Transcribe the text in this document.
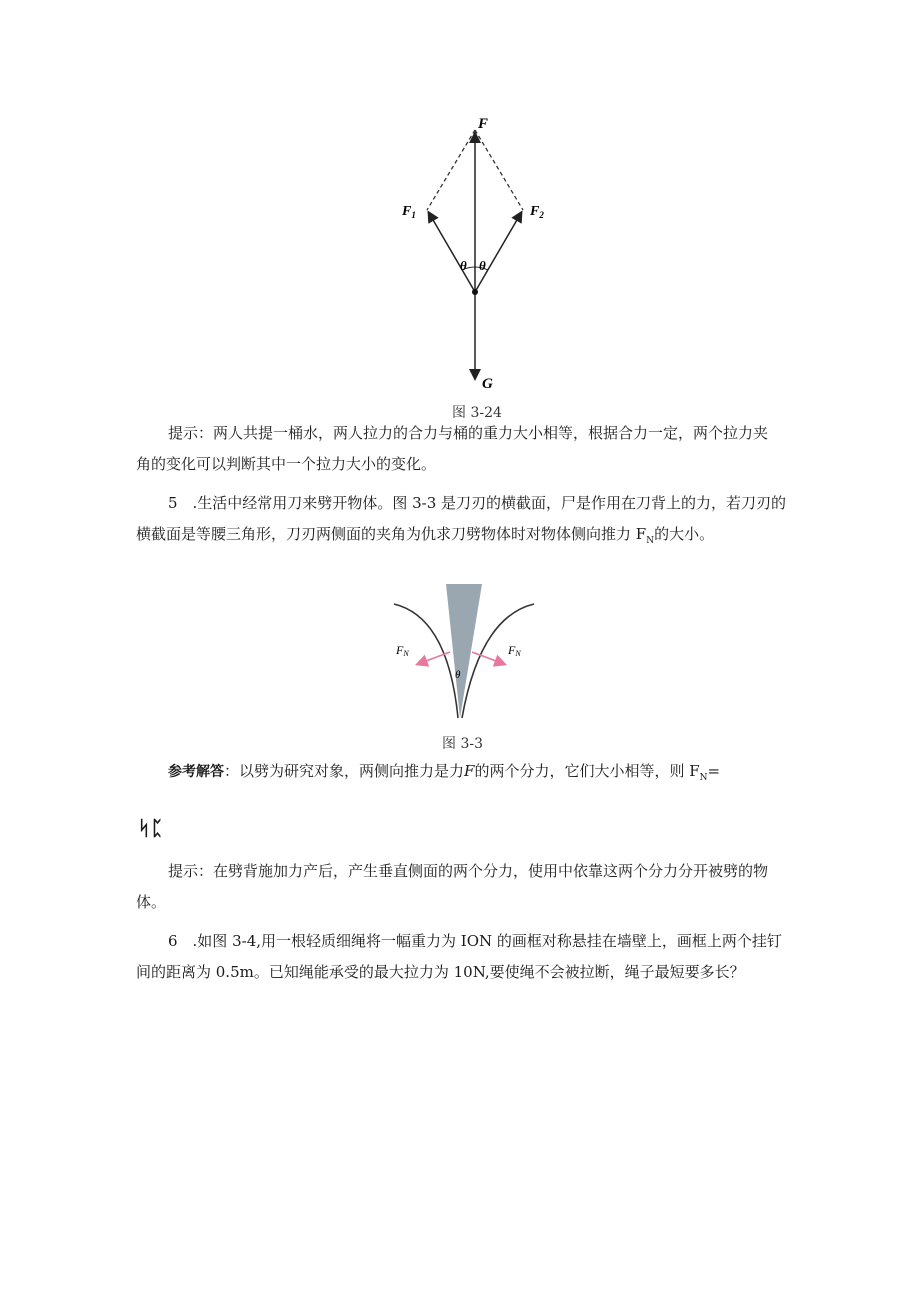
F
$F_1$	$F_2$
θ θ
G
图 3-24
提示：两人共提一桶水，两人拉力的合力与桶的重力大小相等，根据合力一定，两个拉力夹
角的变化可以判断其中一个拉力大小的变化。
5　.生活中经常用刀来劈开物体。图 3-3 是刀刃的横截面，尸是作用在刀背上的力，若刀刃的
横截面是等腰三角形，刀刃两侧面的夹角为仇求刀劈物体时对物体侧向推力 $F_N$的大小。
FN	FN
θ
图 3-3
参考解答：以劈为研究对象，两侧向推力是力F的两个分力，它们大小相等，则 $F_N=$
ᛋᛈ
提示：在劈背施加力产后，产生垂直侧面的两个分力，使用中依靠这两个分力分开被劈的物
体。
6　.如图 3-4,用一根轻质细绳将一幅重力为 ION 的画框对称悬挂在墙壁上，画框上两个挂钉
间的距离为 0.5m。已知绳能承受的最大拉力为 10N,要使绳不会被拉断，绳子最短要多长？
